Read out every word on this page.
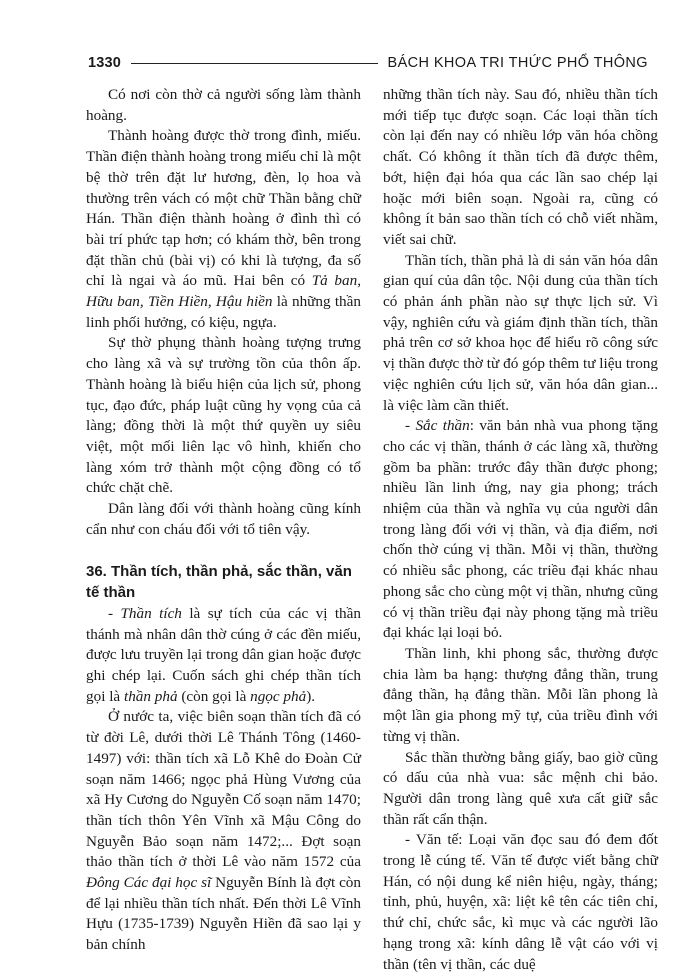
1330	BÁCH KHOA TRI THỨC PHỔ THÔNG

Có nơi còn thờ cả người sống làm thành hoàng.

Thành hoàng được thờ trong đình, miếu. Thần điện thành hoàng trong miếu chỉ là một bệ thờ trên đặt lư hương, đèn, lọ hoa và thường trên vách có một chữ Thần bằng chữ Hán. Thần điện thành hoàng ở đình thì có bài trí phức tạp hơn; có khám thờ, bên trong đặt thần chủ (bài vị) có khi là tượng, đa số chỉ là ngai và áo mũ. Hai bên có Tả ban, Hữu ban, Tiền Hiền, Hậu hiền là những thần linh phối hưởng, có kiệu, ngựa.

Sự thờ phụng thành hoàng tượng trưng cho làng xã và sự trường tồn của thôn ấp. Thành hoàng là biểu hiện của lịch sử, phong tục, đạo đức, pháp luật cũng hy vọng của cả làng; đồng thời là một thứ quyền uy siêu việt, một mối liên lạc vô hình, khiến cho làng xóm trở thành một cộng đồng có tổ chức chặt chẽ.

Dân làng đối với thành hoàng cũng kính cẩn như con cháu đối với tổ tiên vậy.

36. Thần tích, thần phả, sắc thần, văn tế thần

- Thần tích là sự tích của các vị thần thánh mà nhân dân thờ cúng ở các đền miếu, được lưu truyền lại trong dân gian hoặc được ghi chép lại. Cuốn sách ghi chép thần tích gọi là thần phả (còn gọi là ngọc phả).

Ở nước ta, việc biên soạn thần tích đã có từ đời Lê, dưới thời Lê Thánh Tông (1460-1497) với: thần tích xã Lỗ Khê do Đoàn Cử soạn năm 1466; ngọc phả Hùng Vương của xã Hy Cương do Nguyễn Cố soạn năm 1470; thần tích thôn Yên Vĩnh xã Mậu Công do Nguyễn Bảo soạn năm 1472;... Đợt soạn thảo thần tích ở thời Lê vào năm 1572 của Đông Các đại học sĩ Nguyễn Bính là đợt còn để lại nhiều thần tích nhất. Đến thời Lê Vĩnh Hựu (1735-1739) Nguyễn Hiền đã sao lại y bản chính

những thần tích này. Sau đó, nhiều thần tích mới tiếp tục được soạn. Các loại thần tích còn lại đến nay có nhiều lớp văn hóa chồng chất. Có không ít thần tích đã được thêm, bớt, hiện đại hóa qua các lần sao chép lại hoặc mới biên soạn. Ngoài ra, cũng có không ít bản sao thần tích có chỗ viết nhầm, viết sai chữ.

Thần tích, thần phả là di sản văn hóa dân gian quí của dân tộc. Nội dung của thần tích có phản ánh phần nào sự thực lịch sử. Vì vậy, nghiên cứu và giám định thần tích, thần phả trên cơ sở khoa học để hiểu rõ công sức vị thần được thờ từ đó góp thêm tư liệu trong việc nghiên cứu lịch sử, văn hóa dân gian... là việc làm cần thiết.

- Sắc thần: văn bản nhà vua phong tặng cho các vị thần, thánh ở các làng xã, thường gồm ba phần: trước đây thần được phong; nhiều lần linh ứng, nay gia phong; trách nhiệm của thần và nghĩa vụ của người dân trong làng đối với vị thần, và địa điểm, nơi chốn thờ cúng vị thần. Mỗi vị thần, thường có nhiều sắc phong, các triều đại khác nhau phong sắc cho cùng một vị thần, nhưng cũng có vị thần triều đại này phong tặng mà triều đại khác lại loại bỏ.

Thần linh, khi phong sắc, thường được chia làm ba hạng: thượng đẳng thần, trung đẳng thần, hạ đẳng thần. Mỗi lần phong là một lần gia phong mỹ tự, của triều đình với từng vị thần.

Sắc thần thường bằng giấy, bao giờ cũng có dấu của nhà vua: sắc mệnh chi bảo. Người dân trong làng quê xưa cất giữ sắc thần rất cẩn thận.

- Văn tế: Loại văn đọc sau đó đem đốt trong lễ cúng tế. Văn tế được viết bằng chữ Hán, có nội dung kể niên hiệu, ngày, tháng; tỉnh, phủ, huyện, xã: liệt kê tên các tiên chỉ, thứ chỉ, chức sắc, kì mục và các người lão hạng trong xã: kính dâng lễ vật cáo với vị thần (tên vị thần, các duệ
